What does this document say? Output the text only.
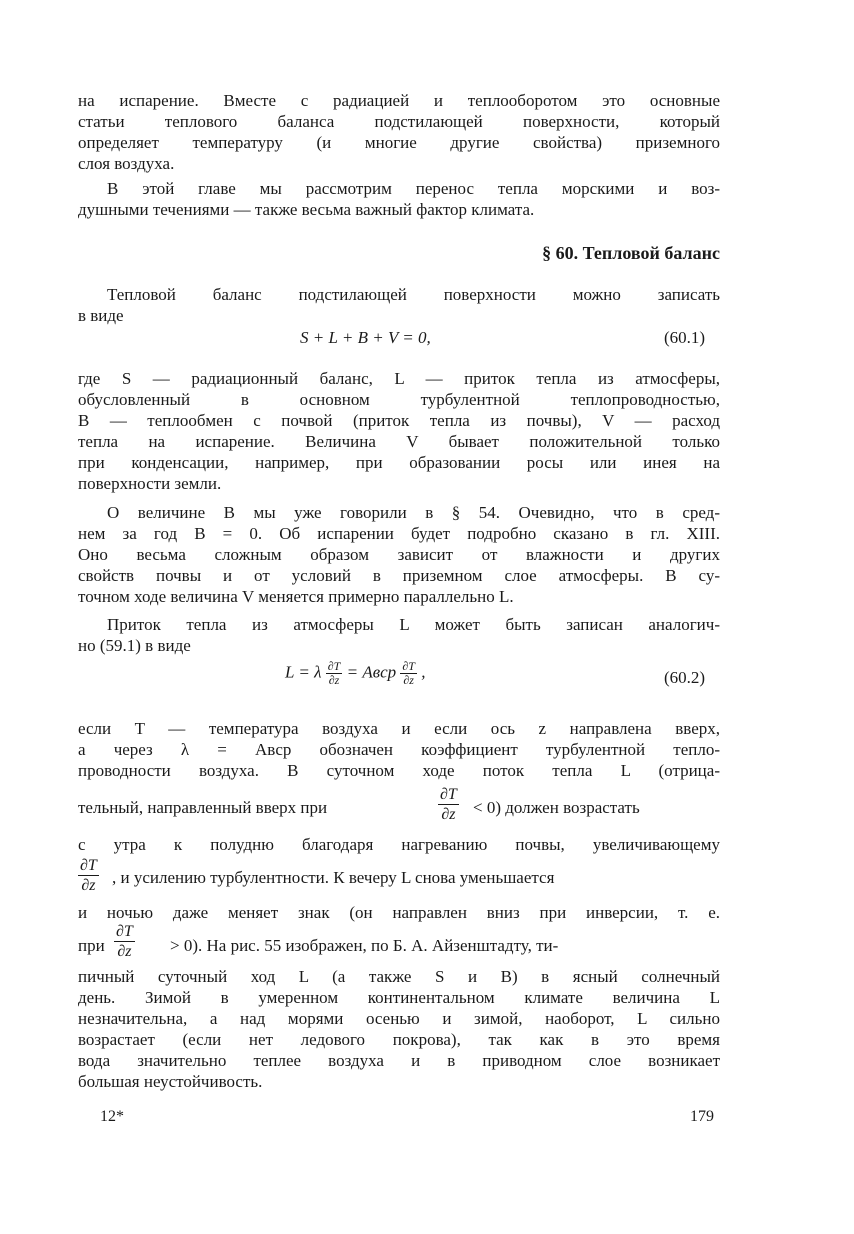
на испарение. Вместе с радиацией и теплооборотом это основные
статьи теплового баланса подстилающей поверхности, который
определяет температуру (и многие другие свойства) приземного
слоя воздуха.
В этой главе мы рассмотрим перенос тепла морскими и воз-
душными течениями — также весьма важный фактор климата.
§ 60. Тепловой баланс
Тепловой баланс подстилающей поверхности можно записать
в виде
S + L + B + V = 0,	(60.1)
где S — радиационный баланс, L — приток тепла из атмосферы,
обусловленный в основном турбулентной теплопроводностью,
B — теплообмен с почвой (приток тепла из почвы), V — расход
тепла на испарение. Величина V бывает положительной только
при конденсации, например, при образовании росы или инея на
поверхности земли.
О величине B мы уже говорили в § 54. Очевидно, что в сред-
нем за год B = 0. Об испарении будет подробно сказано в гл. XIII.
Оно весьма сложным образом зависит от влажности и других
свойств почвы и от условий в приземном слое атмосферы. В су-
точном ходе величина V меняется примерно параллельно L.
Приток тепла из атмосферы L может быть записан аналогич-
но (59.1) в виде
L = λ $\frac{\partial T}{\partial z}$ = Aвcp $\frac{\partial T}{\partial z}$ ,	(60.2)
если T — температура воздуха и если ось z направлена вверх,
а через λ = Aвcp обозначен коэффициент турбулентной тепло-
проводности воздуха. В суточном ходе поток тепла L (отрица-
тельный, направленный вверх при	$\frac{\partial T}{\partial z} < 0$) должен возрастать
с утра к полудню благодаря нагреванию почвы, увеличивающему
$\frac{\partial T}{\partial z}$ , и усилению турбулентности. К вечеру L снова уменьшается
и ночью даже меняет знак (он направлен вниз при инверсии, т. е.
при $\frac{\partial T}{\partial z} > 0$). На рис. 55 изображен, по Б. А. Айзенштадту, ти-
пичный суточный ход L (а также S и B) в ясный солнечный
день. Зимой в умеренном континентальном климате величина L
незначительна, а над морями осенью и зимой, наоборот, L сильно
возрастает (если нет ледового покрова), так как в это время
вода значительно теплее воздуха и в приводном слое возникает
большая неустойчивость.
12*	179
